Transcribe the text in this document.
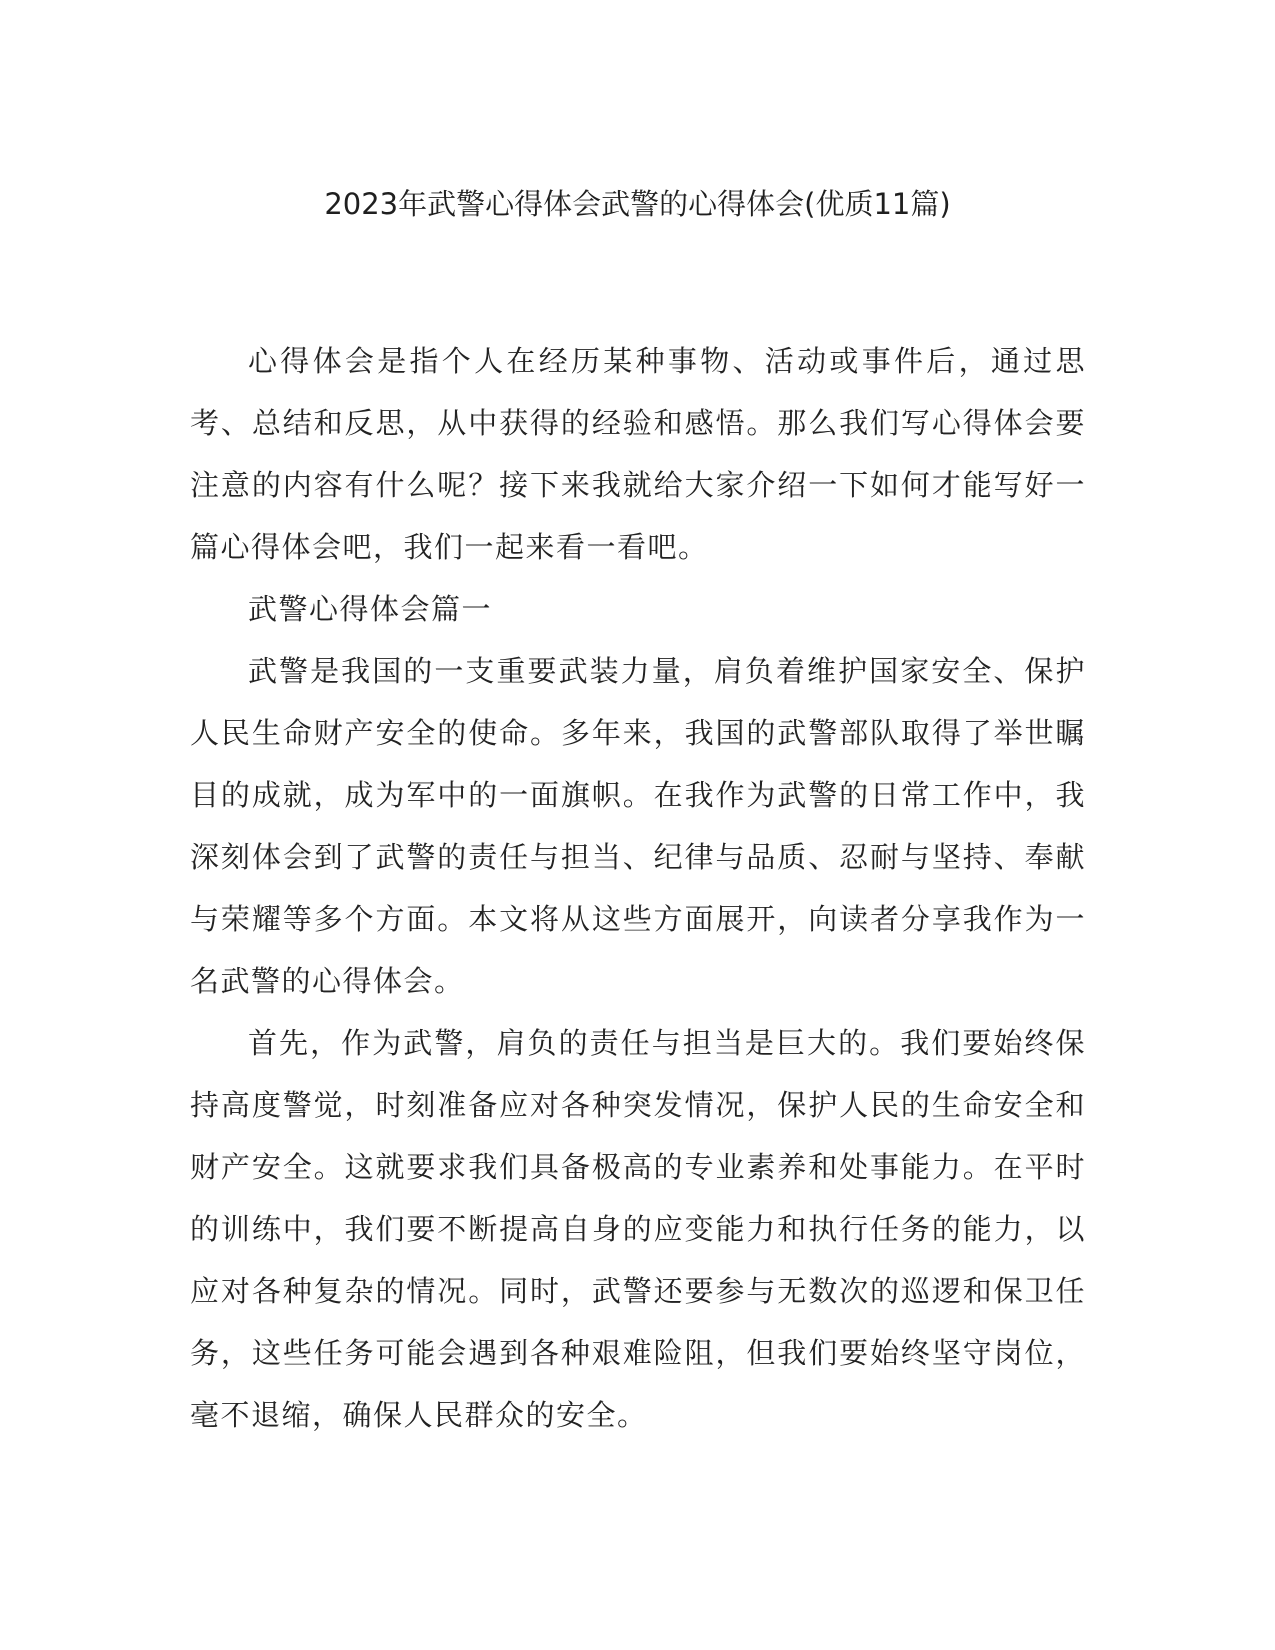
2023年武警心得体会武警的心得体会(优质11篇)

心得体会是指个人在经历某种事物、活动或事件后，通过思考、总结和反思，从中获得的经验和感悟。那么我们写心得体会要注意的内容有什么呢？接下来我就给大家介绍一下如何才能写好一篇心得体会吧，我们一起来看一看吧。

武警心得体会篇一

武警是我国的一支重要武装力量，肩负着维护国家安全、保护人民生命财产安全的使命。多年来，我国的武警部队取得了举世瞩目的成就，成为军中的一面旗帜。在我作为武警的日常工作中，我深刻体会到了武警的责任与担当、纪律与品质、忍耐与坚持、奉献与荣耀等多个方面。本文将从这些方面展开，向读者分享我作为一名武警的心得体会。

首先，作为武警，肩负的责任与担当是巨大的。我们要始终保持高度警觉，时刻准备应对各种突发情况，保护人民的生命安全和财产安全。这就要求我们具备极高的专业素养和处事能力。在平时的训练中，我们要不断提高自身的应变能力和执行任务的能力，以应对各种复杂的情况。同时，武警还要参与无数次的巡逻和保卫任务，这些任务可能会遇到各种艰难险阻，但我们要始终坚守岗位，毫不退缩，确保人民群众的安全。
